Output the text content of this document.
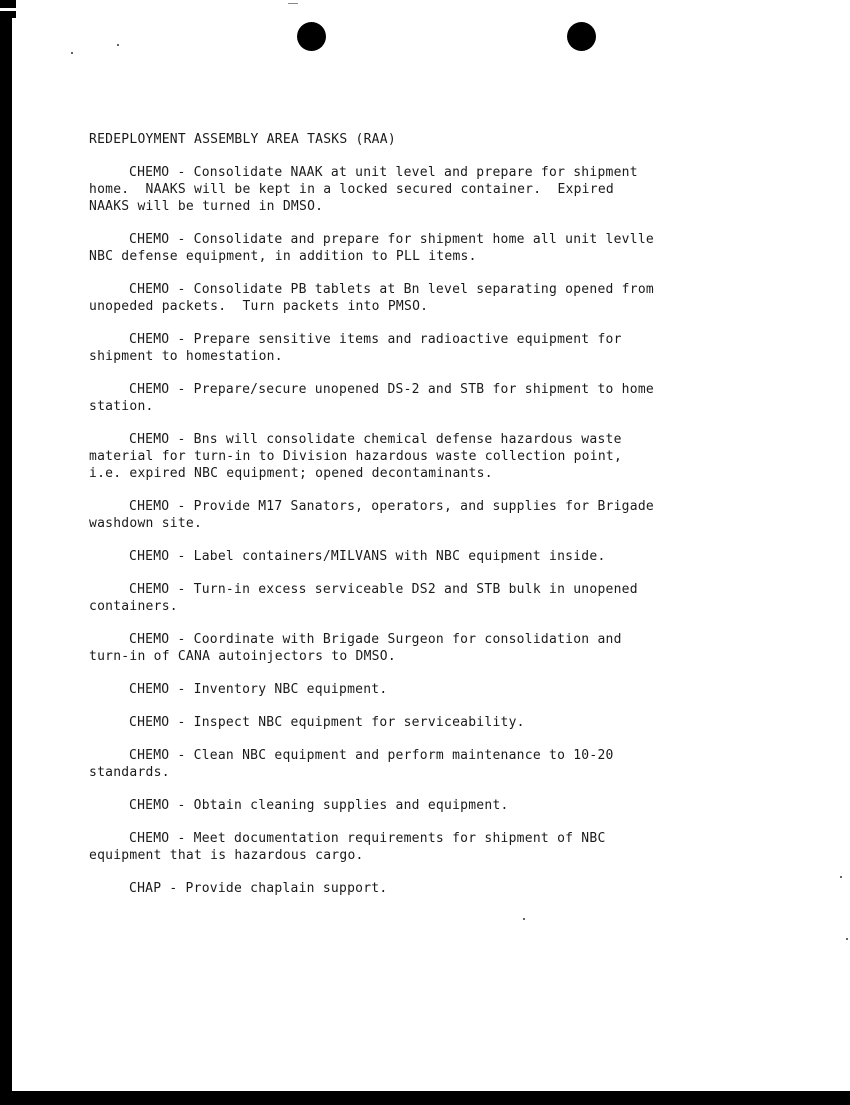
REDEPLOYMENT ASSEMBLY AREA TASKS (RAA)
CHEMO - Consolidate NAAK at unit level and prepare for shipment
home.  NAAKS will be kept in a locked secured container.  Expired
NAAKS will be turned in DMSO.
CHEMO - Consolidate and prepare for shipment home all unit levlle
NBC defense equipment, in addition to PLL items.
CHEMO - Consolidate PB tablets at Bn level separating opened from
unopeded packets.  Turn packets into PMSO.
CHEMO - Prepare sensitive items and radioactive equipment for
shipment to homestation.
CHEMO - Prepare/secure unopened DS-2 and STB for shipment to home
station.
CHEMO - Bns will consolidate chemical defense hazardous waste
material for turn-in to Division hazardous waste collection point,
i.e. expired NBC equipment; opened decontaminants.
CHEMO - Provide M17 Sanators, operators, and supplies for Brigade
washdown site.
CHEMO - Label containers/MILVANS with NBC equipment inside.
CHEMO - Turn-in excess serviceable DS2 and STB bulk in unopened
containers.
CHEMO - Coordinate with Brigade Surgeon for consolidation and
turn-in of CANA autoinjectors to DMSO.
CHEMO - Inventory NBC equipment.
CHEMO - Inspect NBC equipment for serviceability.
CHEMO - Clean NBC equipment and perform maintenance to 10-20
standards.
CHEMO - Obtain cleaning supplies and equipment.
CHEMO - Meet documentation requirements for shipment of NBC
equipment that is hazardous cargo.
CHAP - Provide chaplain support.
